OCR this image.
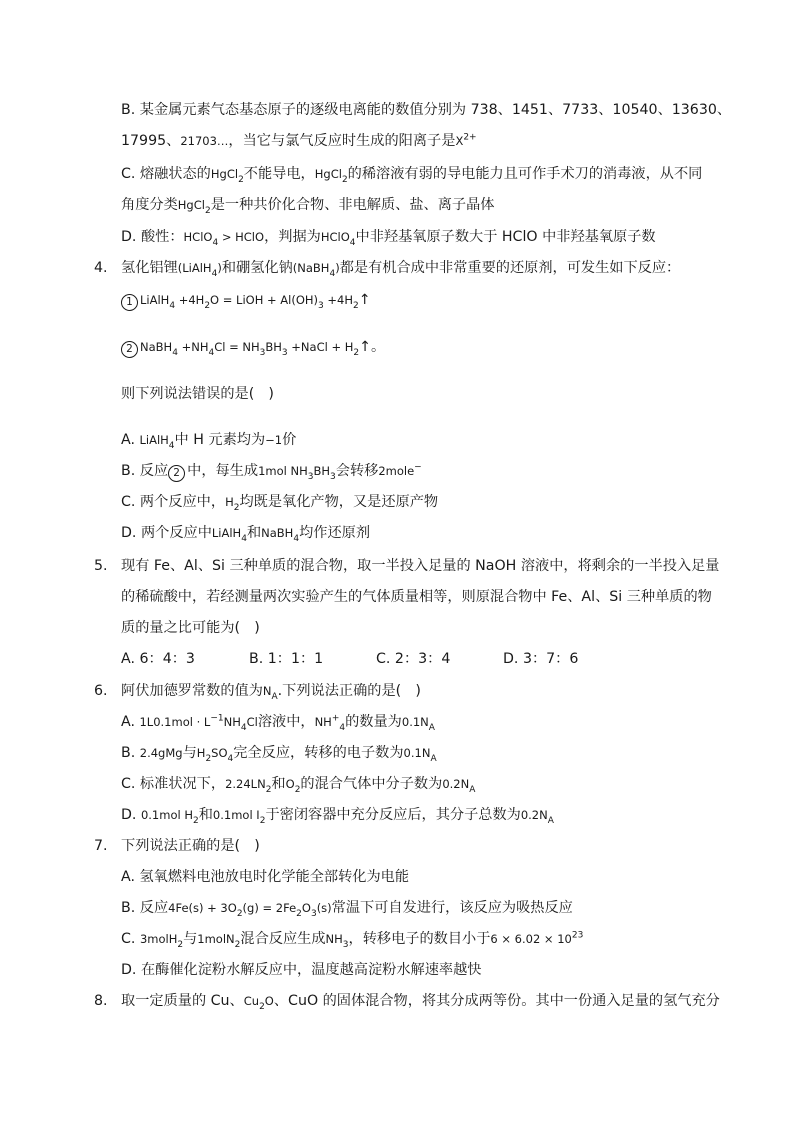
B. 某金属元素气态基态原子的逐级电离能的数值分别为 738、1451、7733、10540、13630、
17995、21703…，当它与氯气反应时生成的阳离子是$X^{2+}$
C. 熔融状态的HgCl$_2$不能导电，HgCl$_2$的稀溶液有弱的导电能力且可作手术刀的消毒液，从不同
角度分类HgCl$_2$是一种共价化合物、非电解质、盐、离子晶体
D. 酸性：HClO$_4$ > HClO，判据为HClO$_4$中非羟基氧原子数大于 HClO 中非羟基氧原子数
4. 氢化铝锂(LiAlH$_4$)和硼氢化钠(NaBH$_4$)都是有机合成中非常重要的还原剂，可发生如下反应：
1 LiAlH$_4$ $+4H_2O$ = LiOH + $Al(OH)_3$ $+4H_2↑$
2 NaBH$_4$ $+NH_4Cl = NH_3BH_3$ +NaCl + $H_2↑$。
则下列说法错误的是(　)
A. LiAlH$_4$中 H 元素均为−1价
B. 反应 2 中，每生成1mol $NH_3BH_3$会转移2mole−
C. 两个反应中，$H_2$均既是氧化产物，又是还原产物
D. 两个反应中LiAlH$_4$和NaBH$_4$均作还原剂
5. 现有 Fe、Al、Si 三种单质的混合物，取一半投入足量的 NaOH 溶液中，将剩余的一半投入足量
的稀硫酸中，若经测量两次实验产生的气体质量相等，则原混合物中 Fe、Al、Si 三种单质的物
质的量之比可能为(　)
A. 6：4：3	B. 1：1：1	C. 2：3：4	D. 3：7：6
6. 阿伏加德罗常数的值为$N_A$.下列说法正确的是(　)
A. $1L0.1mol \cdot L^{-1}NH_4Cl$溶液中，$NH^+_4$的数量为$0.1N_A$
B. 2.4gMg与$H_2SO_4$完全反应，转移的电子数为$0.1N_A$
C. 标准状况下，$2.24LN_2$和$O_2$的混合气体中分子数为$0.2N_A$
D. 0.1mol $H_2$和0.1mol $I_2$于密闭容器中充分反应后，其分子总数为$0.2N_A$
7. 下列说法正确的是(　)
A. 氢氧燃料电池放电时化学能全部转化为电能
B. 反应$4Fe(s) + 3O_2(g) = 2Fe_2O_3(s)$常温下可自发进行，该反应为吸热反应
C. 3molH$_2$与1molN$_2$混合反应生成$NH_3$，转移电子的数目小于$6 \times 6.02 \times 10^{23}$
D. 在酶催化淀粉水解反应中，温度越高淀粉水解速率越快
8. 取一定质量的 Cu、$Cu_2O$、CuO 的固体混合物，将其分成两等份。其中一份通入足量的氢气充分
